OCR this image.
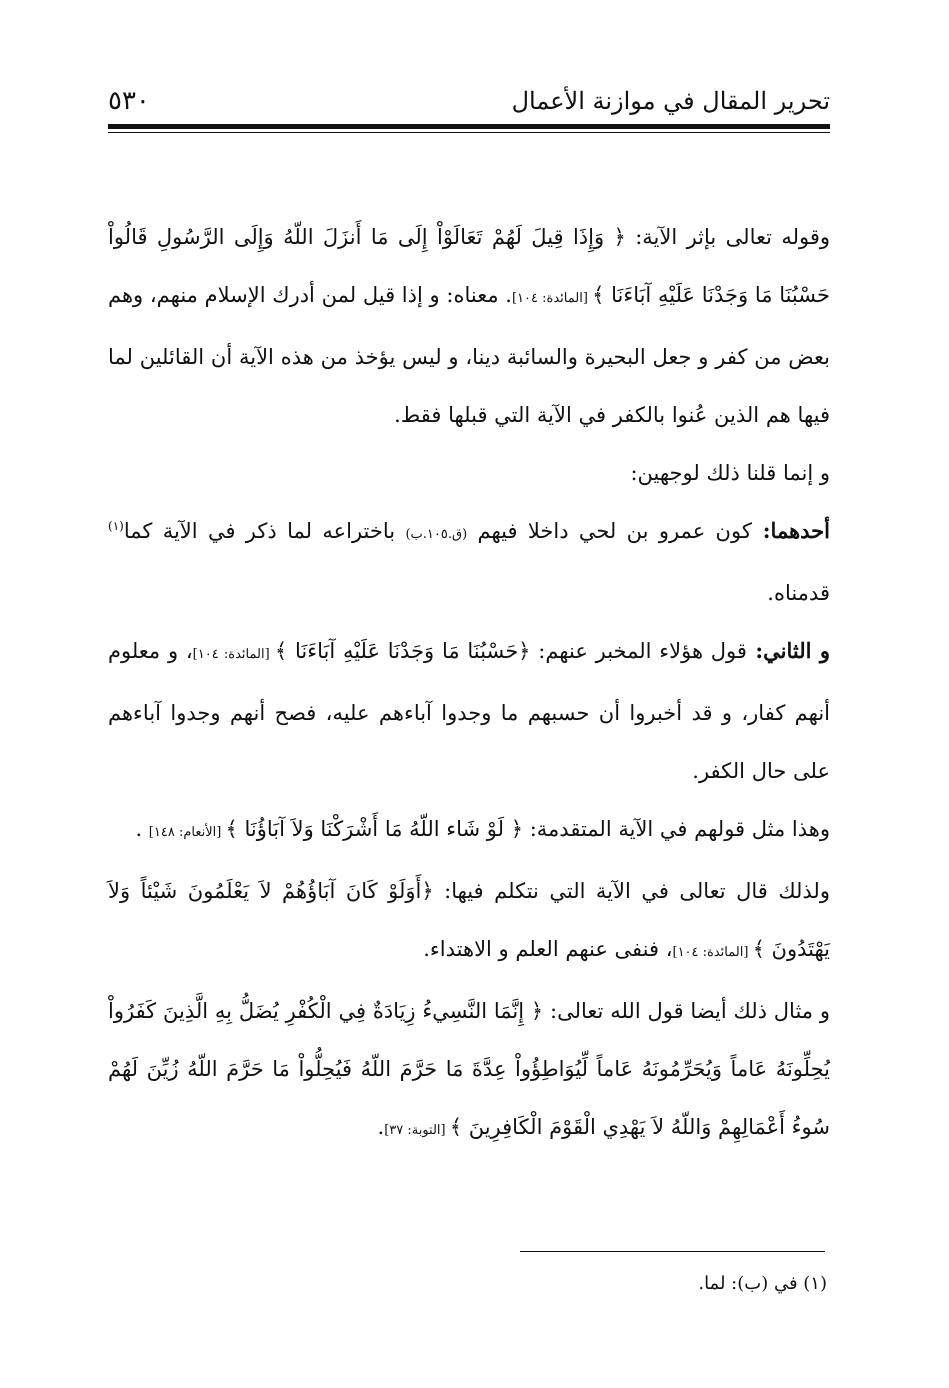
تحرير المقال في موازنة الأعمال
٥٣٠

وقوله تعالى بإثر الآية: ﴿ وَإِذَا قِيلَ لَهُمْ تَعَالَوْاْ إِلَى مَا أَنزَلَ اللّهُ وَإِلَى الرَّسُولِ قَالُواْ حَسْبُنَا مَا وَجَدْنَا عَلَيْهِ آبَاءَنَا ﴾ [المائدة: ١٠٤]. معناه: و إذا قيل لمن أدرك الإسلام منهم، وهم بعض من كفر و جعل البحيرة والسائبة دينا، و ليس يؤخذ من هذه الآية أن القائلين لما فيها هم الذين عُنوا بالكفر في الآية التي قبلها فقط.

و إنما قلنا ذلك لوجهين:

أحدهما: كون عمرو بن لحي داخلا فيهم (ق.١٠٥.ب) باختراعه لما ذكر في الآية كما$^{(١)}$ قدمناه.

و الثاني: قول هؤلاء المخبر عنهم: ﴿حَسْبُنَا مَا وَجَدْنَا عَلَيْهِ آبَاءَنَا ﴾ [المائدة: ١٠٤]، و معلوم أنهم كفار، و قد أخبروا أن حسبهم ما وجدوا آباءهم عليه، فصح أنهم وجدوا آباءهم على حال الكفر.

وهذا مثل قولهم في الآية المتقدمة: ﴿ لَوْ شَاء اللّهُ مَا أَشْرَكْنَا وَلاَ آبَاؤُنَا ﴾ [الأنعام: ١٤٨] .

ولذلك قال تعالى في الآية التي نتكلم فيها: ﴿أَوَلَوْ كَانَ آبَاؤُهُمْ لاَ يَعْلَمُونَ شَيْئاً وَلاَ يَهْتَدُونَ ﴾ [المائدة: ١٠٤]، فنفى عنهم العلم و الاهتداء.

و مثال ذلك أيضا قول الله تعالى: ﴿ إِنَّمَا النَّسِيءُ زِيَادَةٌ فِي الْكُفْرِ يُضَلُّ بِهِ الَّذِينَ كَفَرُواْ يُحِلِّونَهُ عَاماً وَيُحَرِّمُونَهُ عَاماً لِّيُوَاطِؤُواْ عِدَّةَ مَا حَرَّمَ اللّهُ فَيُحِلُّواْ مَا حَرَّمَ اللّهُ زُيِّنَ لَهُمْ سُوءُ أَعْمَالِهِمْ وَاللّهُ لاَ يَهْدِي الْقَوْمَ الْكَافِرِينَ ﴾ [التوبة: ٣٧].

(١) في (ب): لما.
